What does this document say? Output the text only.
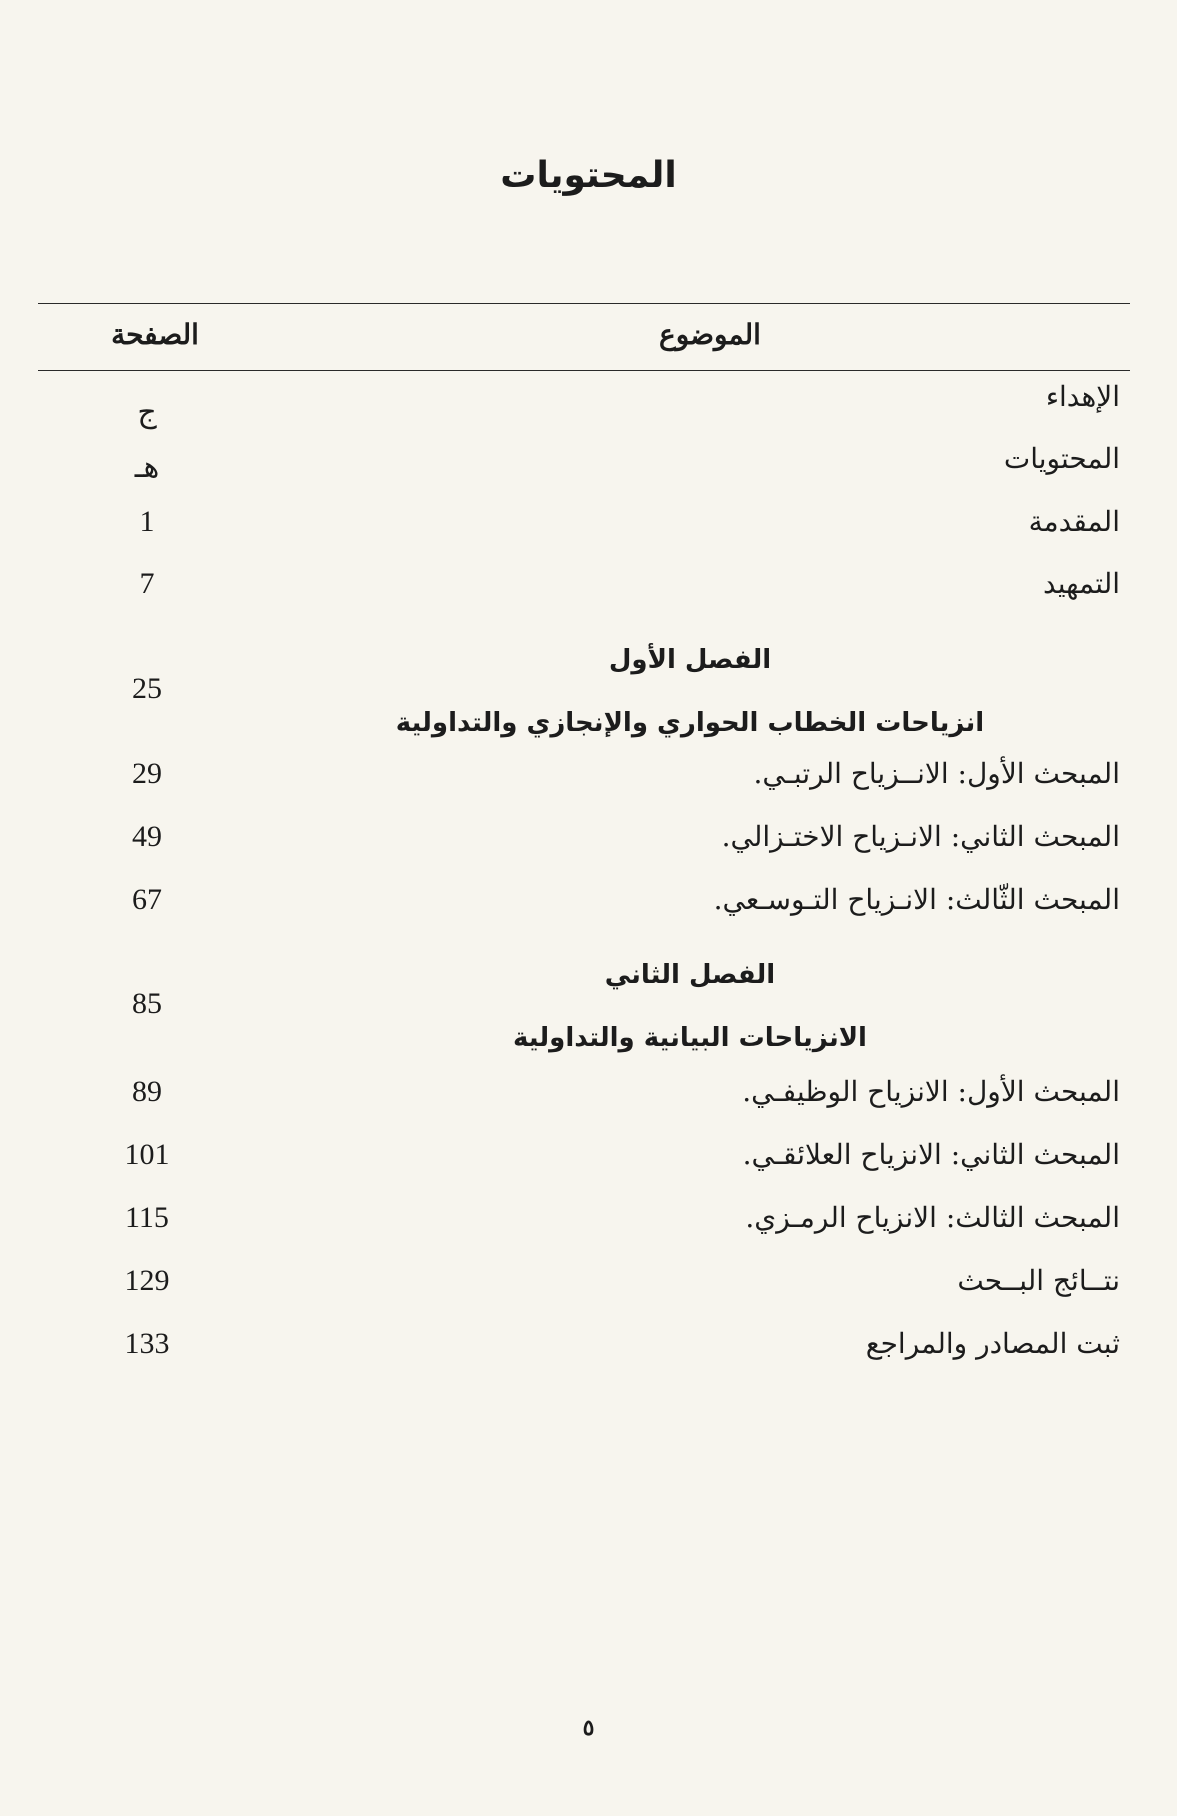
المحتويات
الموضوع
الصفحة
الإهداء
ج
المحتويات
هـ
المقدمة
1
التمهيد
7
الفصل الأول
انزياحات الخطاب الحواري والإنجازي والتداولية
25
المبحث الأول: الانــزياح الرتبـي.
29
المبحث الثاني: الانـزياح الاختـزالي.
49
المبحث الثّالث: الانـزياح التـوسـعي.
67
الفصل الثاني
الانزياحات البيانية والتداولية
85
المبحث الأول: الانزياح الوظيفـي.
89
المبحث الثاني: الانزياح العلائقـي.
101
المبحث الثالث: الانزياح الرمـزي.
115
نتــائج البــحث
129
ثبت المصادر والمراجع
133
٥
